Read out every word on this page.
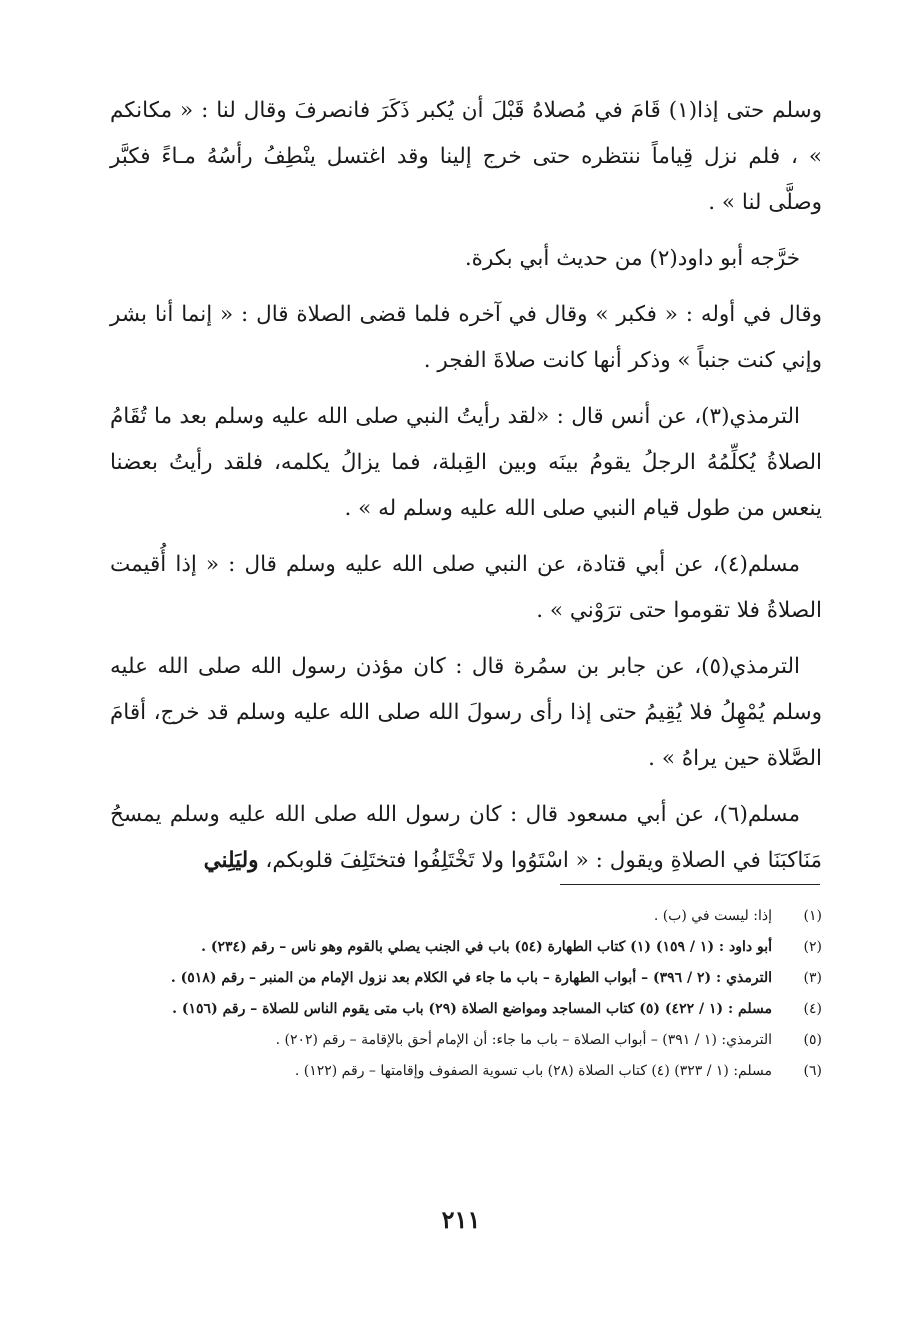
وسلم حتى إذا(١) قَامَ في مُصلاهُ قَبْلَ أن يُكبر ذَكَرَ فانصرفَ وقال لنا : « مكانكم » ، فلم نزل قِياماً ننتظره حتى خرج إلينا وقد اغتسل ينْطِفُ رأسُهُ مـاءً فكبَّر وصلَّى لنا » .

خرَّجه أبو داود(٢) من حديث أبي بكرة.

وقال في أوله : « فكبر » وقال في آخره فلما قضى الصلاة قال : « إنما أنا بشر وإني كنت جنباً » وذكر أنها كانت صلاةَ الفجر .

الترمذي(٣)، عن أنس قال : «لقد رأيتُ النبي صلى الله عليه وسلم بعد ما تُقَامُ الصلاةُ يُكلِّمُهُ الرجلُ يقومُ بينَه وبين القِبلة، فما يزالُ يكلمه، فلقد رأيتُ بعضنا ينعس من طول قيام النبي صلى الله عليه وسلم له » .

مسلم(٤)، عن أبي قتادة، عن النبي صلى الله عليه وسلم قال : « إذا أُقيمت الصلاةُ فلا تقوموا حتى ترَوْني » .

الترمذي(٥)، عن جابر بن سمُرة قال : كان مؤذن رسول الله صلى الله عليه وسلم يُمْهِلُ فلا يُقِيمُ حتى إذا رأى رسولَ الله صلى الله عليه وسلم قد خرج، أقامَ الصَّلاة حين يراهُ » .

مسلم(٦)، عن أبي مسعود قال : كان رسول الله صلى الله عليه وسلم يمسحُ مَنَاكبَنَا في الصلاةِ ويقول : « اسْتَوُوا ولا تَخْتَلِفُوا فتختَلِفَ قلوبكم، وليَلِني

(١)
إذا: ليست في (ب) .
(٢)
أبو داود : (١ / ١٥٩) (١) كتاب الطهارة (٥٤) باب في الجنب يصلي بالقوم وهو ناس – رقم (٢٣٤) .
(٣)
الترمذي : (٢ / ٣٩٦) – أبواب الطهارة – باب ما جاء في الكلام بعد نزول الإمام من المنبر – رقم (٥١٨) .
(٤)
مسلم : (١ / ٤٢٢) (٥) كتاب المساجد ومواضع الصلاة (٢٩) باب متى يقوم الناس للصلاة – رقم (١٥٦) .
(٥)
الترمذي: (١ / ٣٩١) – أبواب الصلاة – باب ما جاء: أن الإمام أحق بالإقامة – رقم (٢٠٢) .
(٦)
مسلم: (١ / ٣٢٣) (٤) كتاب الصلاة (٢٨) باب تسوية الصفوف وإقامتها – رقم (١٢٢) .
٢١١
